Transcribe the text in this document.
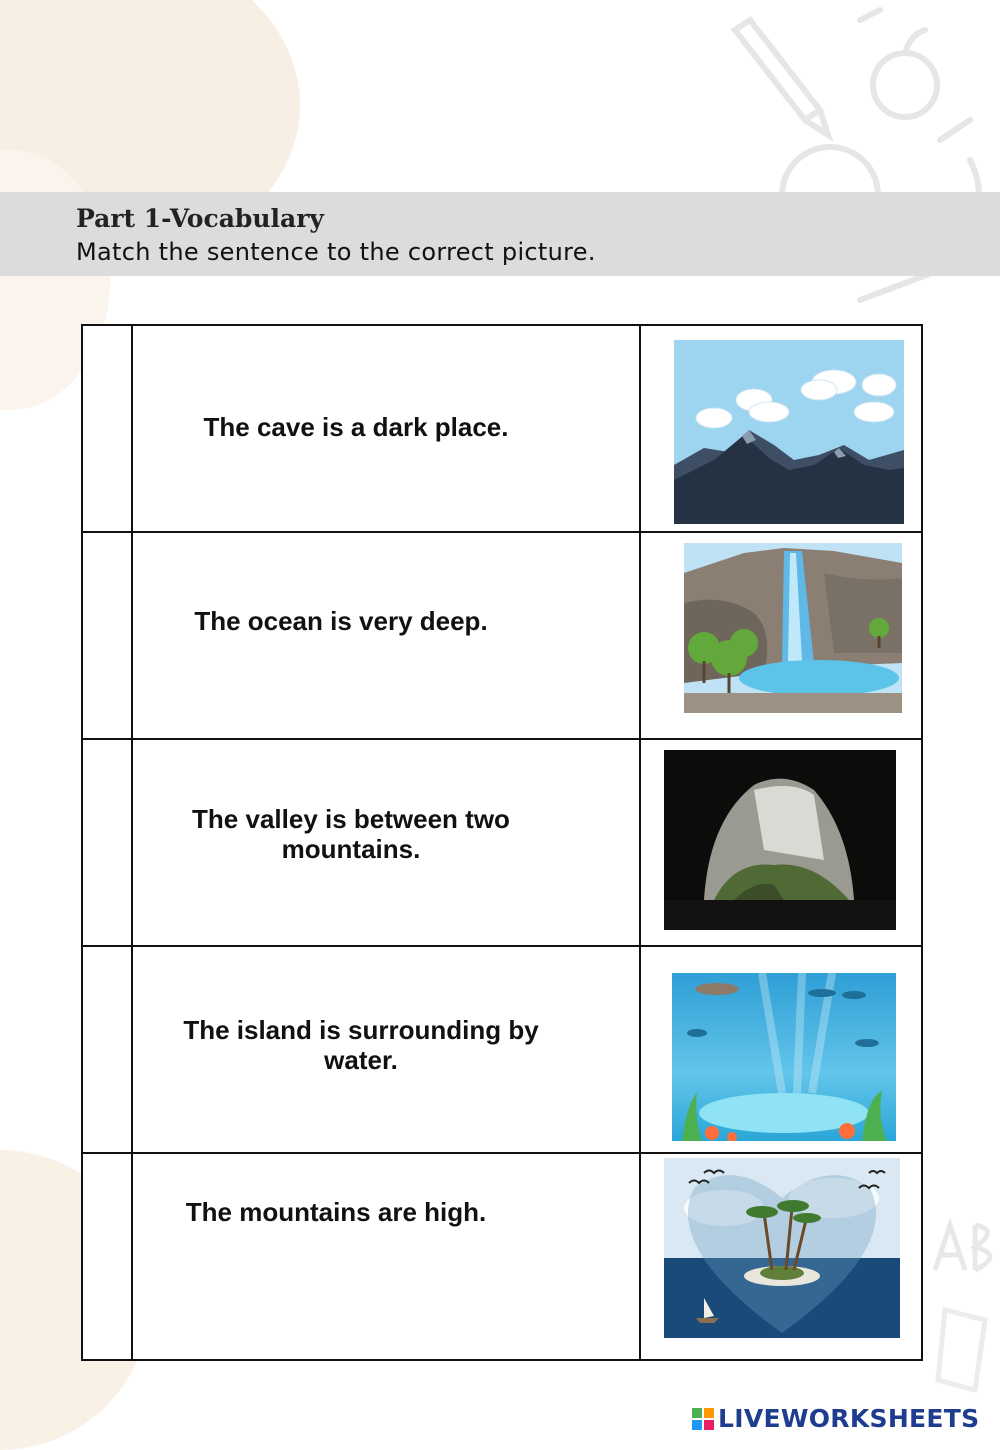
Part 1-Vocabulary
Match the sentence to the correct picture.

	The cave is a dark place.

	The ocean is very deep.

	The valley is between two
mountains.

	The island is surrounding by
water.

	The mountains are high.

LIVEWORKSHEETS
